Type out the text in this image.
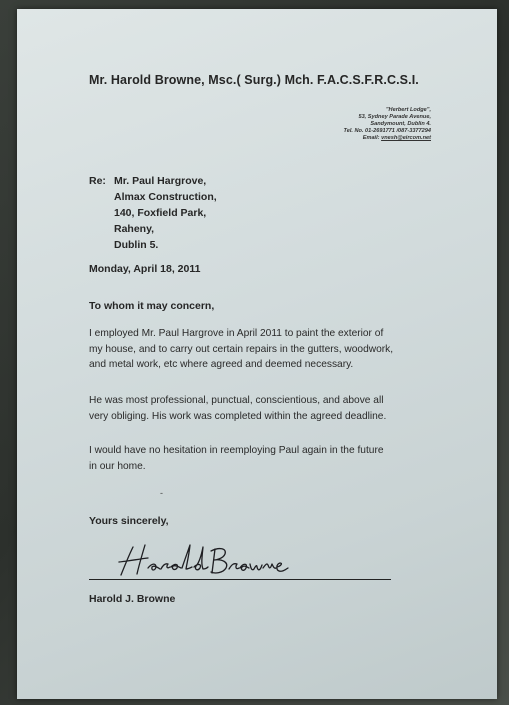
Mr. Harold Browne, Msc.( Surg.) Mch. F.A.C.S.F.R.C.S.I.

"Herbert Lodge",

53, Sydney Parade Avenue,

Sandymount, Dublin 4.

Tel. No. 01-2691771 /087-3377294

Email: vnesh@eircom.net

Re: Mr. Paul Hargrove,

Almax Construction,

140, Foxfield Park,

Raheny,

Dublin 5.

Monday, April 18, 2011

To whom it may concern,

I employed Mr. Paul Hargrove in April 2011 to paint the exterior of
my house, and to carry out certain repairs in the gutters, woodwork,
and metal work, etc where agreed and deemed necessary.
He was most professional, punctual, conscientious, and above all
very obliging. His work was completed within the agreed deadline.
I would have no hesitation in reemploying Paul again in the future
in our home.

-

Yours sincerely,

Harold J. Browne
